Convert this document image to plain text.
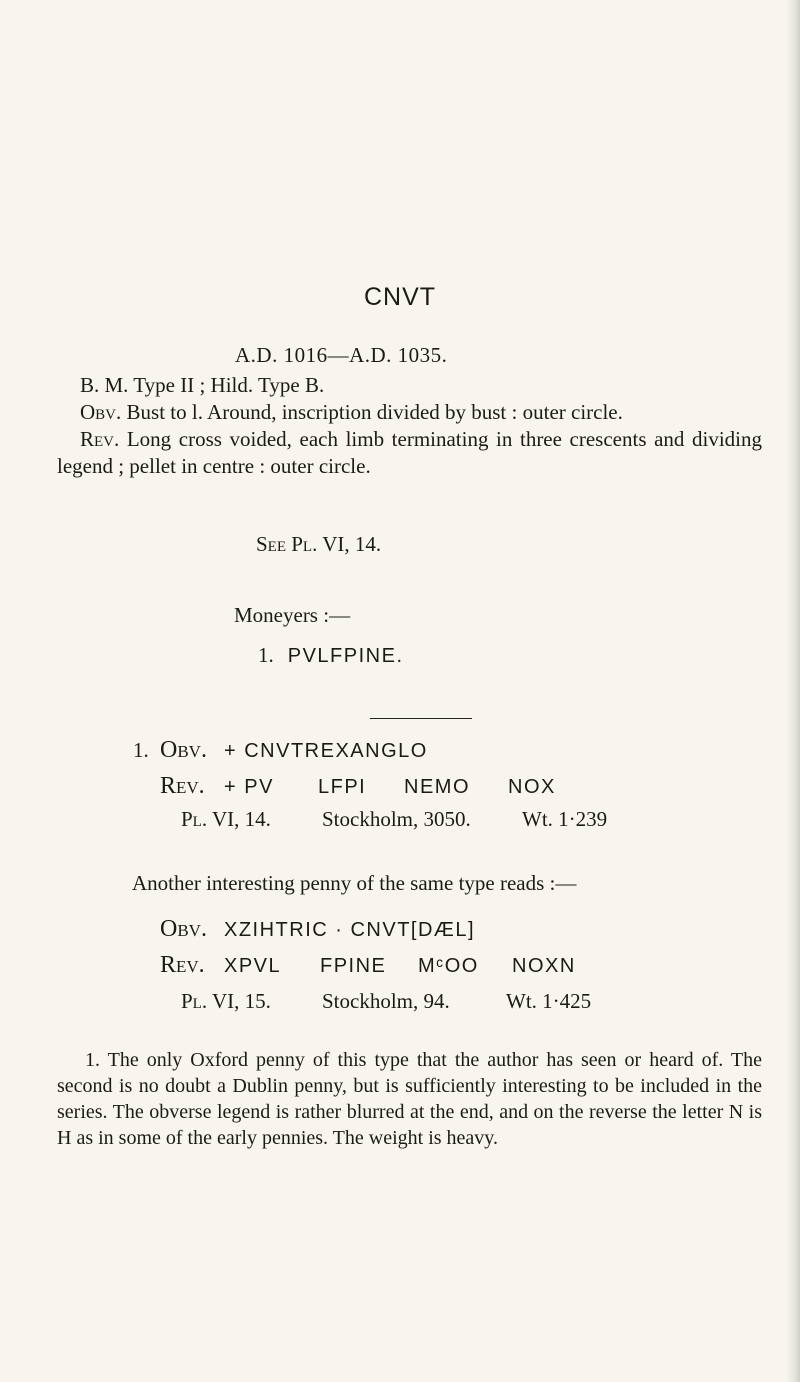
CNVT
A.D. 1016—A.D. 1035.
B. M. Type II ; Hild. Type B.
Obv. Bust to l. Around, inscription divided by bust : outer circle.
Rev. Long cross voided, each limb terminating in three crescents and dividing legend ; pellet in centre : outer circle.
See Pl. VI, 14.
Moneyers :—
1. PVLFPINE.
1. Obv. + CNVTREXANGLO
Rev. + PV LFPI NEMO NOX
Pl. VI, 14. Stockholm, 3050. Wt. 1·239
Another interesting penny of the same type reads :—
Obv. XZIHTRIC · CNVT[DÆL]
Rev. XPVL FPINE MᶜOO NOXN
Pl. VI, 15. Stockholm, 94.	Wt. 1·425
1. The only Oxford penny of this type that the author has seen or heard of. The second is no doubt a Dublin penny, but is sufficiently interesting to be included in the series. The obverse legend is rather blurred at the end, and on the reverse the letter N is H as in some of the early pennies. The weight is heavy.
